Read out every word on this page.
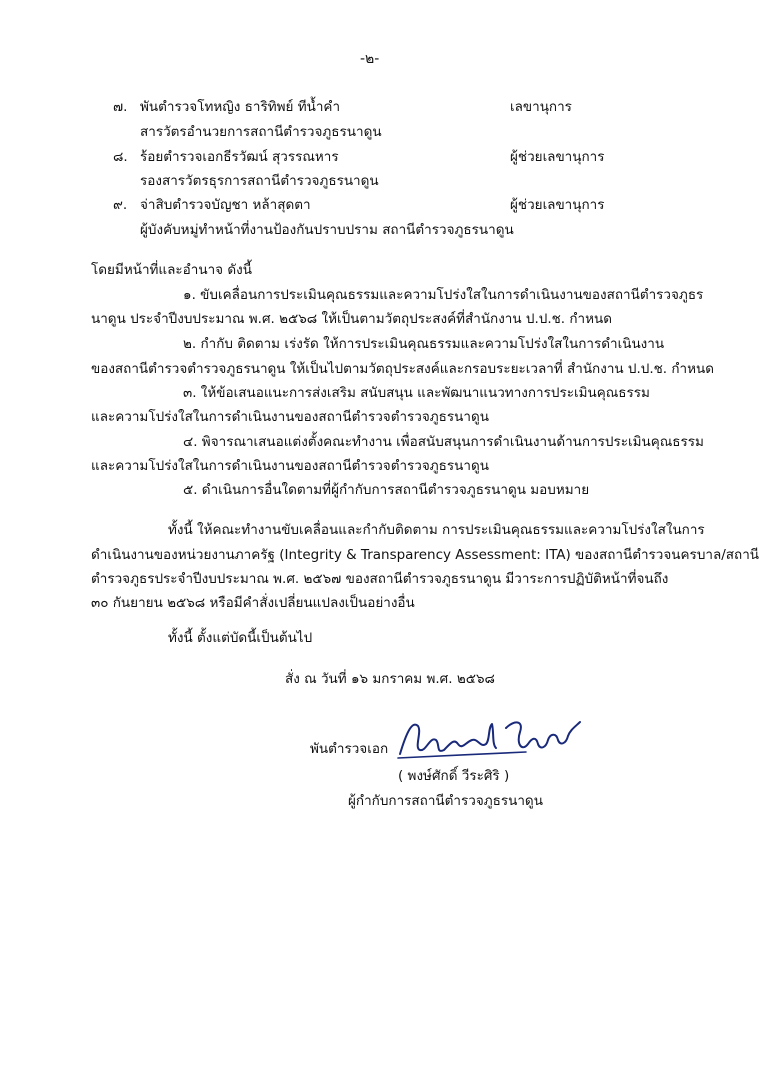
-๒-
๗. พันตำรวจโทหญิง ธาริทิพย์ ทีน้ำคำ	เลขานุการ
สารวัตรอำนวยการสถานีตำรวจภูธรนาดูน
๘. ร้อยตำรวจเอกธีรวัฒน์ สุวรรณหาร	ผู้ช่วยเลขานุการ
รองสารวัตรธุรการสถานีตำรวจภูธรนาดูน
๙. จ่าสิบตำรวจบัญชา หล้าสุดตา	ผู้ช่วยเลขานุการ
ผู้บังคับหมู่ทำหน้าที่งานป้องกันปราบปราม สถานีตำรวจภูธรนาดูน
โดยมีหน้าที่และอำนาจ ดังนี้
๑. ขับเคลื่อนการประเมินคุณธรรมและความโปร่งใสในการดำเนินงานของสถานีตำรวจภูธร
นาดูน ประจำปีงบประมาณ พ.ศ. ๒๕๖๘ ให้เป็นตามวัตถุประสงค์ที่สำนักงาน ป.ป.ช. กำหนด
๒. กำกับ ติดตาม เร่งรัด ให้การประเมินคุณธรรมและความโปร่งใสในการดำเนินงาน
ของสถานีตำรวจตำรวจภูธรนาดูน ให้เป็นไปตามวัตถุประสงค์และกรอบระยะเวลาที่ สำนักงาน ป.ป.ช. กำหนด
๓. ให้ข้อเสนอแนะการส่งเสริม สนับสนุน และพัฒนาแนวทางการประเมินคุณธรรม
และความโปร่งใสในการดำเนินงานของสถานีตำรวจตำรวจภูธรนาดูน
๔. พิจารณาเสนอแต่งตั้งคณะทำงาน เพื่อสนับสนุนการดำเนินงานด้านการประเมินคุณธรรม
และความโปร่งใสในการดำเนินงานของสถานีตำรวจตำรวจภูธรนาดูน
๕. ดำเนินการอื่นใดตามที่ผู้กำกับการสถานีตำรวจภูธรนาดูน มอบหมาย
ทั้งนี้ ให้คณะทำงานขับเคลื่อนและกำกับติดตาม การประเมินคุณธรรมและความโปร่งใสในการ
ดำเนินงานของหน่วยงานภาครัฐ (Integrity & Transparency Assessment: ITA) ของสถานีตำรวจนครบาล/สถานี
ตำรวจภูธรประจำปีงบประมาณ พ.ศ. ๒๕๖๗ ของสถานีตำรวจภูธรนาดูน มีวาระการปฏิบัติหน้าที่จนถึง
๓๐ กันยายน ๒๕๖๘ หรือมีคำสั่งเปลี่ยนแปลงเป็นอย่างอื่น
ทั้งนี้ ตั้งแต่บัดนี้เป็นต้นไป
สั่ง ณ วันที่ ๑๖ มกราคม พ.ศ. ๒๕๖๘
พันตำรวจเอก
( พงษ์ศักดิ์ วีระศิริ )
ผู้กำกับการสถานีตำรวจภูธรนาดูน
